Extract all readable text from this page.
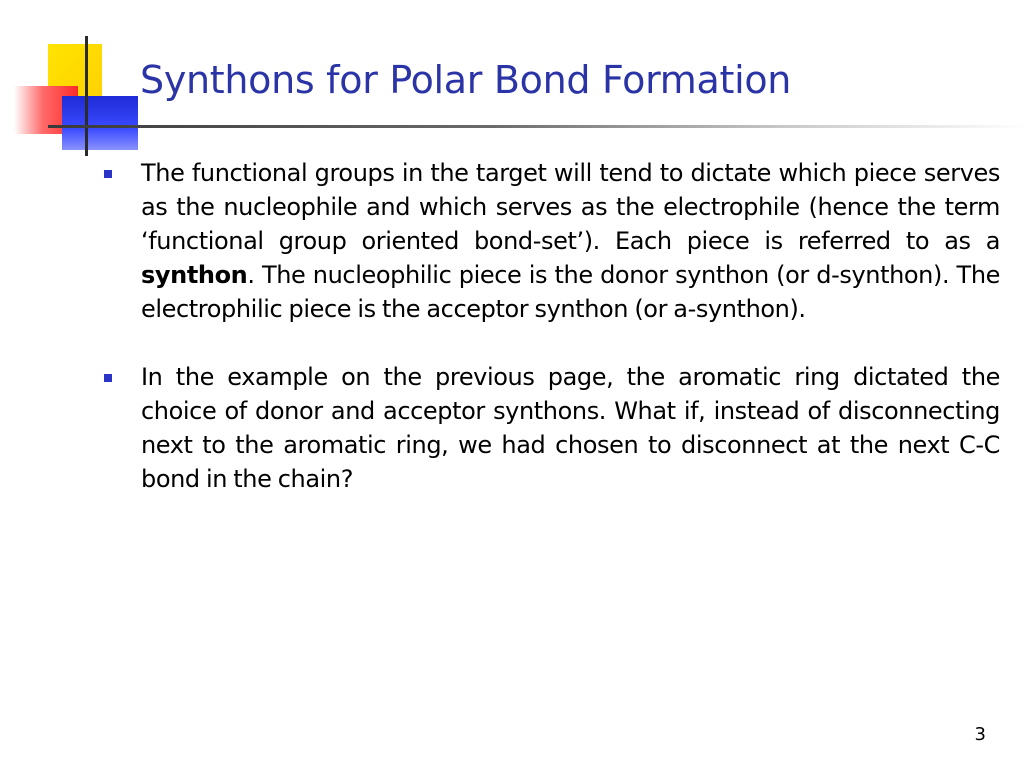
Synthons for Polar Bond Formation
The functional groups in the target will tend to dictate which piece serves as the nucleophile and which serves as the electrophile (hence the term ‘functional group oriented bond-set’). Each piece is referred to as a synthon. The nucleophilic piece is the donor synthon (or d-synthon). The electrophilic piece is the acceptor synthon (or a-synthon).
In the example on the previous page, the aromatic ring dictated the choice of donor and acceptor synthons. What if, instead of disconnecting next to the aromatic ring, we had chosen to disconnect at the next C-C bond in the chain?
3
